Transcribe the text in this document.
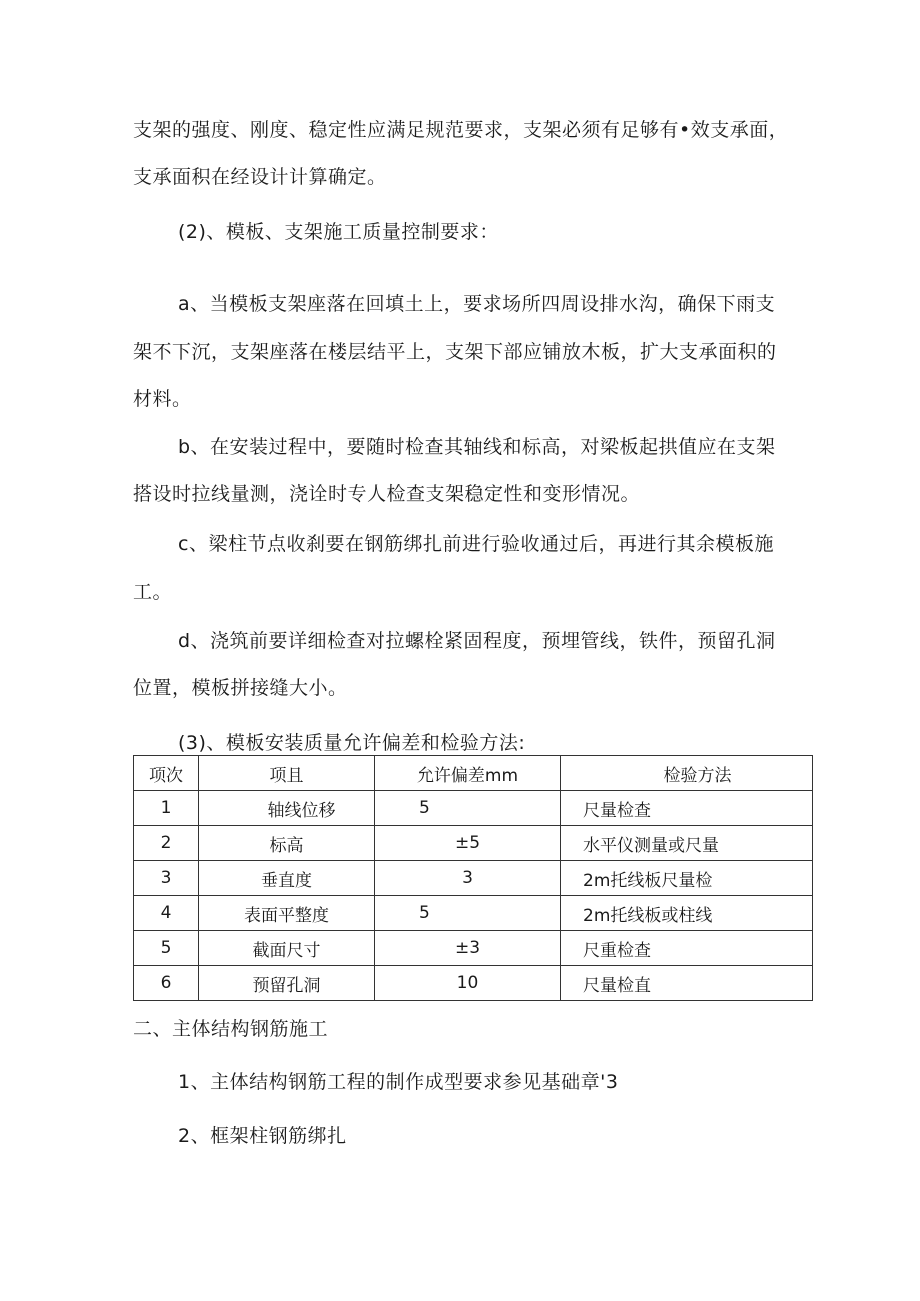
支架的强度、刚度、稳定性应满足规范要求，支架必须有足够有•效支承面，
支承面积在经设计计算确定。
(2)、模板、支架施工质量控制要求：
a、当模板支架座落在回填土上，要求场所四周设排水沟，确保下雨支
架不下沉，支架座落在楼层结平上，支架下部应铺放木板，扩大支承面积的
材料。
b、在安装过程中，要随时检查其轴线和标高，对梁板起拱值应在支架
搭设时拉线量测，浇诠时专人检查支架稳定性和变形情况。
c、梁柱节点收刹要在钢筋绑扎前进行验收通过后，再进行其余模板施
工。
d、浇筑前要详细检查对拉螺栓紧固程度，预埋管线，铁件，预留孔洞
位置，模板拼接缝大小。
(3)、模板安装质量允许偏差和检验方法:
项次	项且	允许偏差mm	检验方法
1	轴线位移	5	尺量检查
2	标高	±5	水平仪测量或尺量
3	垂直度	3	2m托线板尺量检
4	表面平整度	5	2m托线板或柱线
5	截面尺寸	±3	尺重检查
6	预留孔洞	10	尺量检直
二、主体结构钢筋施工
1、主体结构钢筋工程的制作成型要求参见基础章'3
2、框架柱钢筋绑扎
